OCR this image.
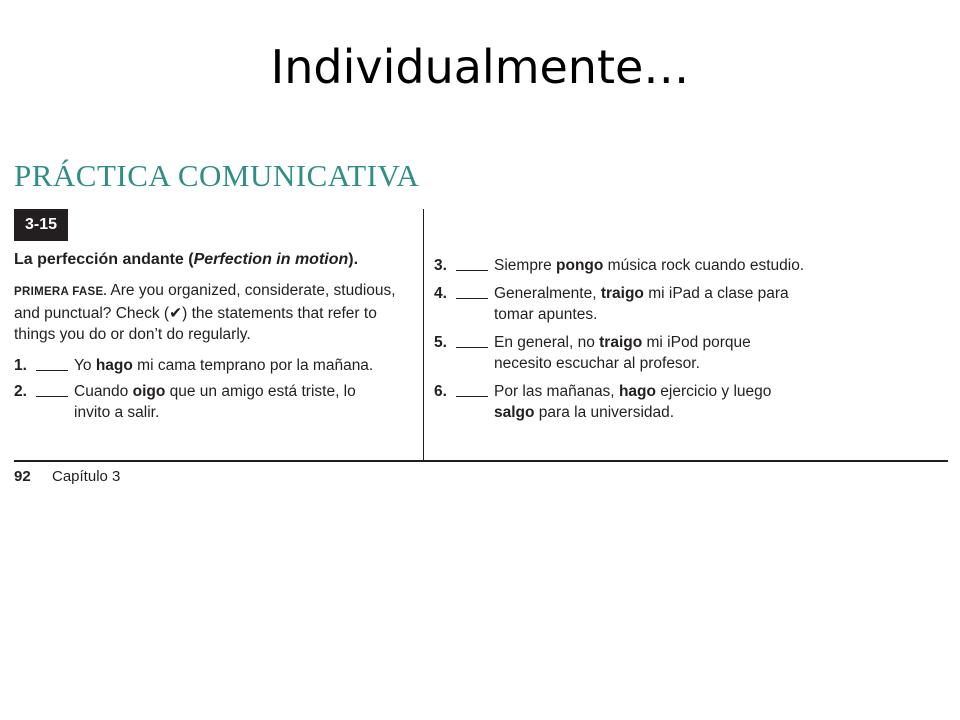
Individualmente…
PRÁCTICA COMUNICATIVA
3-15
La perfección andante (Perfection in motion).
PRIMERA FASE. Are you organized, considerate, studious, and punctual? Check (✔) the statements that refer to things you do or don’t do regularly.
1.	Yo hago mi cama temprano por la mañana.
2.	Cuando oigo que un amigo está triste, lo invito a salir.
3.	Siempre pongo música rock cuando estudio.
4.	Generalmente, traigo mi iPad a clase para tomar apuntes.
5.	En general, no traigo mi iPod porque necesito escuchar al profesor.
6.	Por las mañanas, hago ejercicio y luego salgo para la universidad.
92 Capítulo 3
